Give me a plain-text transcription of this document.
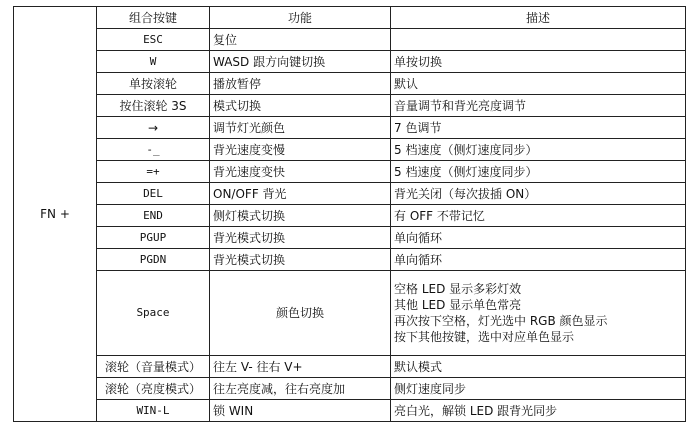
FN +	组合按键	功能	描述
	ESC	复位	
	W	WASD 跟方向键切换	单按切换
	单按滚轮	播放暂停	默认
	按住滚轮 3S	模式切换	音量调节和背光亮度调节
	→	调节灯光颜色	7 色调节
	-_	背光速度变慢	5 档速度（侧灯速度同步）
	=+	背光速度变快	5 档速度（侧灯速度同步）
	DEL	ON/OFF 背光	背光关闭（每次拔插 ON）
	END	侧灯模式切换	有 OFF 不带记忆
	PGUP	背光模式切换	单向循环
	PGDN	背光模式切换	单向循环
	Space	颜色切换	空格 LED 显示多彩灯效
其他 LED 显示单色常亮
再次按下空格，灯光选中 RGB 颜色显示
按下其他按键，选中对应单色显示

	滚轮（音量模式）	往左 V- 往右 V+	默认模式
	滚轮（亮度模式）	往左亮度减，往右亮度加	侧灯速度同步
	WIN-L	锁 WIN	亮白光，解锁 LED 跟背光同步
